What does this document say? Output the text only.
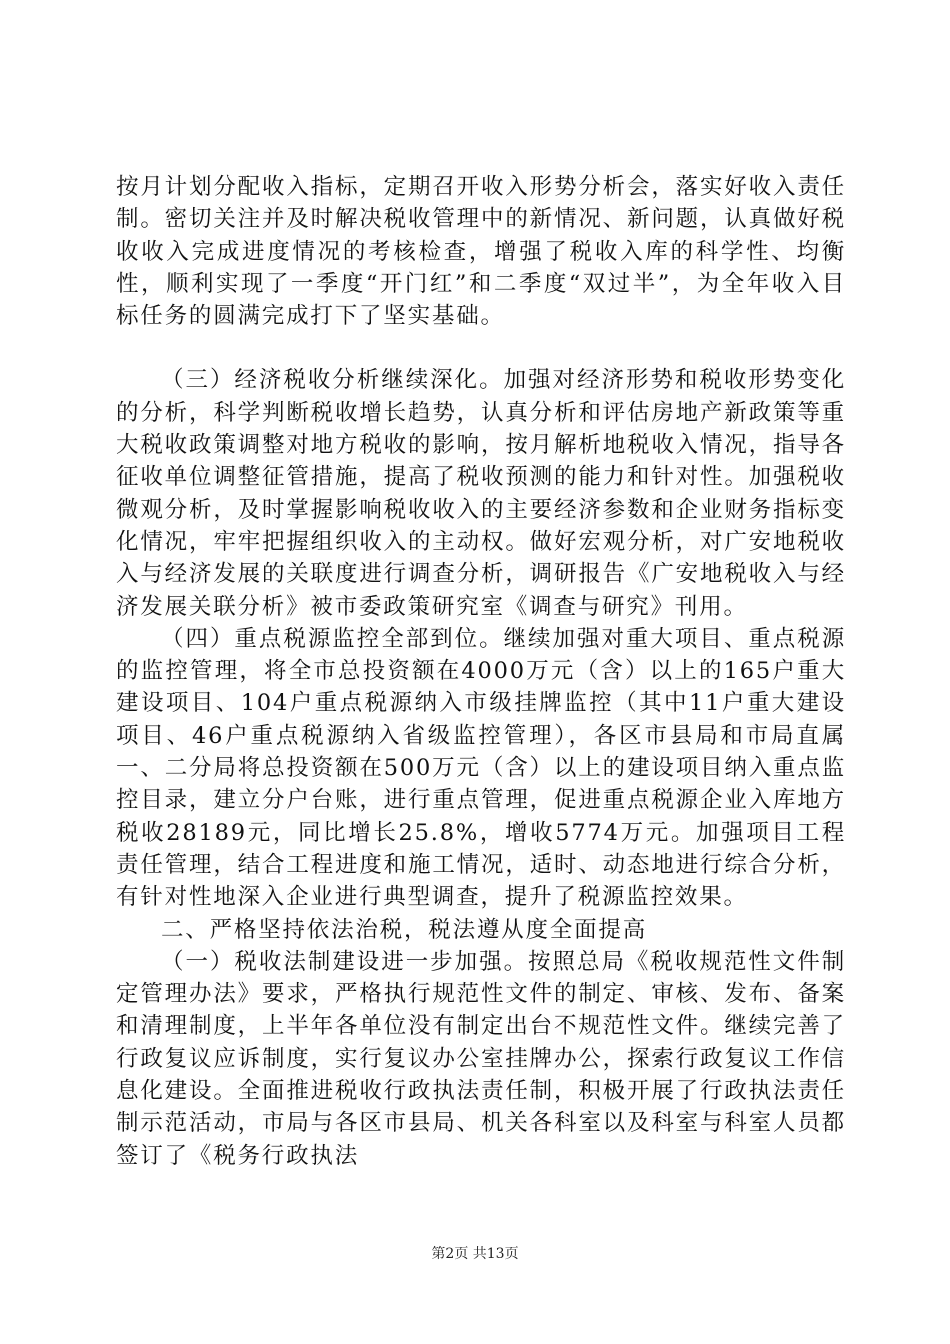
按月计划分配收入指标，定期召开收入形势分析会，落实好收入责任制。密切关注并及时解决税收管理中的新情况、新问题，认真做好税收收入完成进度情况的考核检查，增强了税收入库的科学性、均衡性，顺利实现了一季度“开门红”和二季度“双过半”，为全年收入目标任务的圆满完成打下了坚实基础。

（三）经济税收分析继续深化。加强对经济形势和税收形势变化的分析，科学判断税收增长趋势，认真分析和评估房地产新政策等重大税收政策调整对地方税收的影响，按月解析地税收入情况，指导各征收单位调整征管措施，提高了税收预测的能力和针对性。加强税收微观分析，及时掌握影响税收收入的主要经济参数和企业财务指标变化情况，牢牢把握组织收入的主动权。做好宏观分析，对广安地税收入与经济发展的关联度进行调查分析，调研报告《广安地税收入与经济发展关联分析》被市委政策研究室《调查与研究》刊用。

（四）重点税源监控全部到位。继续加强对重大项目、重点税源的监控管理，将全市总投资额在4000万元（含）以上的165户重大建设项目、104户重点税源纳入市级挂牌监控（其中11户重大建设项目、46户重点税源纳入省级监控管理），各区市县局和市局直属一、二分局将总投资额在500万元（含）以上的建设项目纳入重点监控目录，建立分户台账，进行重点管理，促进重点税源企业入库地方税收28189元，同比增长25.8%，增收5774万元。加强项目工程责任管理，结合工程进度和施工情况，适时、动态地进行综合分析，有针对性地深入企业进行典型调查，提升了税源监控效果。

二、严格坚持依法治税，税法遵从度全面提高

（一）税收法制建设进一步加强。按照总局《税收规范性文件制定管理办法》要求，严格执行规范性文件的制定、审核、发布、备案和清理制度，上半年各单位没有制定出台不规范性文件。继续完善了行政复议应诉制度，实行复议办公室挂牌办公，探索行政复议工作信息化建设。全面推进税收行政执法责任制，积极开展了行政执法责任制示范活动，市局与各区市县局、机关各科室以及科室与科室人员都签订了《税务行政执法

第2页 共13页
